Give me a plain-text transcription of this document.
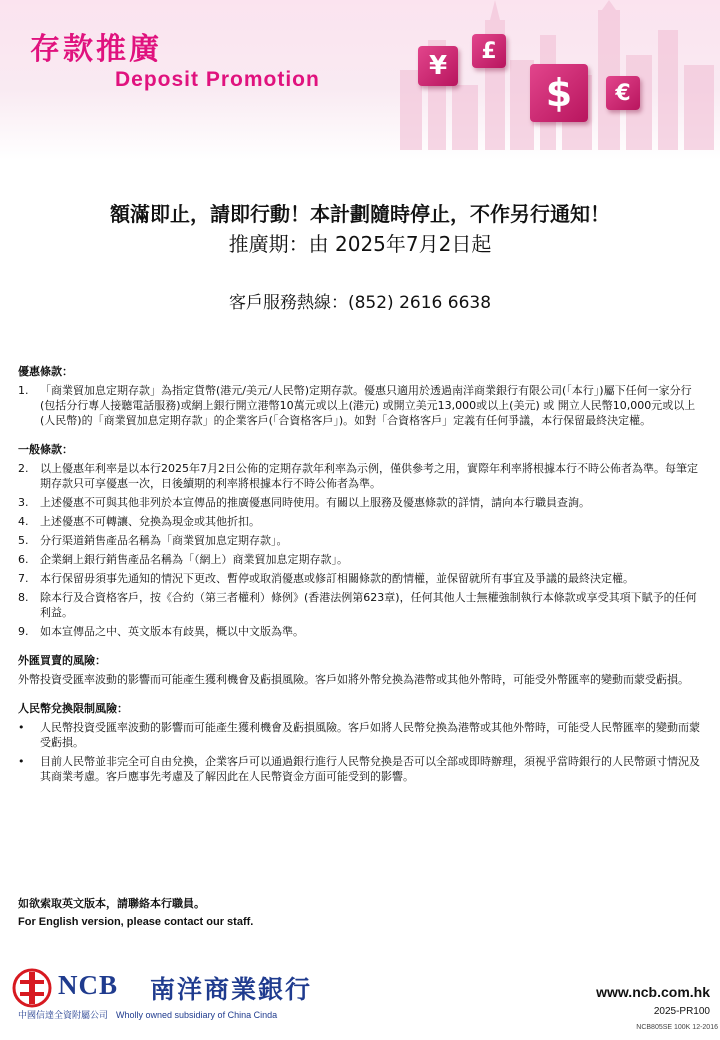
存款推廣
Deposit Promotion	¥ £
$ €
額滿即止，請即行動！本計劃隨時停止，不作另行通知！
推廣期：由 2025年7月2日起
客戶服務熱線：(852) 2616 6638

優惠條款：

1. 「商業貿加息定期存款」為指定貨幣(港元/美元/人民幣)定期存款。優惠只適用於透過南洋商業銀行有限公司(「本行」)屬下任何一家分行(包括分行專人接聽電話服務)或網上銀行開立港幣10萬元或以上(港元) 或開立美元13,000或以上(美元) 或 開立人民幣10,000元或以上(人民幣)的「商業貿加息定期存款」的企業客戶(「合資格客戶」)。如對「合資格客戶」定義有任何爭議，本行保留最終決定權。

一般條款：

2. 以上優惠年利率是以本行2025年7月2日公佈的定期存款年利率為示例，僅供參考之用，實際年利率將根據本行不時公佈者為準。每筆定期存款只可享優惠一次，日後續期的利率將根據本行不時公佈者為準。
3. 上述優惠不可與其他非列於本宣傳品的推廣優惠同時使用。有關以上服務及優惠條款的詳情，請向本行職員查詢。
4. 上述優惠不可轉讓、兌換為現金或其他折扣。
5. 分行渠道銷售產品名稱為「商業貿加息定期存款」。
6. 企業網上銀行銷售產品名稱為「（網上）商業貿加息定期存款」。
7. 本行保留毋須事先通知的情況下更改、暫停或取消優惠或修訂相關條款的酌情權，並保留就所有事宜及爭議的最終決定權。
8. 除本行及合資格客戶，按《合約（第三者權利）條例》(香港法例第623章)，任何其他人士無權強制執行本條款或享受其項下賦予的任何利益。
9. 如本宣傳品之中、英文版本有歧異，概以中文版為準。

外匯買賣的風險：

外幣投資受匯率波動的影響而可能產生獲利機會及虧損風險。客戶如將外幣兌換為港幣或其他外幣時，可能受外幣匯率的變動而蒙受虧損。

人民幣兌換限制風險：

• 人民幣投資受匯率波動的影響而可能產生獲利機會及虧損風險。客戶如將人民幣兌換為港幣或其他外幣時，可能受人民幣匯率的變動而蒙受虧損。
• 目前人民幣並非完全可自由兌換，企業客戶可以通過銀行進行人民幣兌換是否可以全部或即時辦理，須視乎當時銀行的人民幣頭寸情況及其商業考慮。客戶應事先考慮及了解因此在人民幣資金方面可能受到的影響。
如欲索取英文版本，請聯絡本行職員。
For English version, please contact our staff.
NCB 南洋商業銀行
中國信達全資附屬公司 Wholly owned subsidiary of China Cinda
www.ncb.com.hk
2025-PR100
NCB805SE 100K 12-2016
